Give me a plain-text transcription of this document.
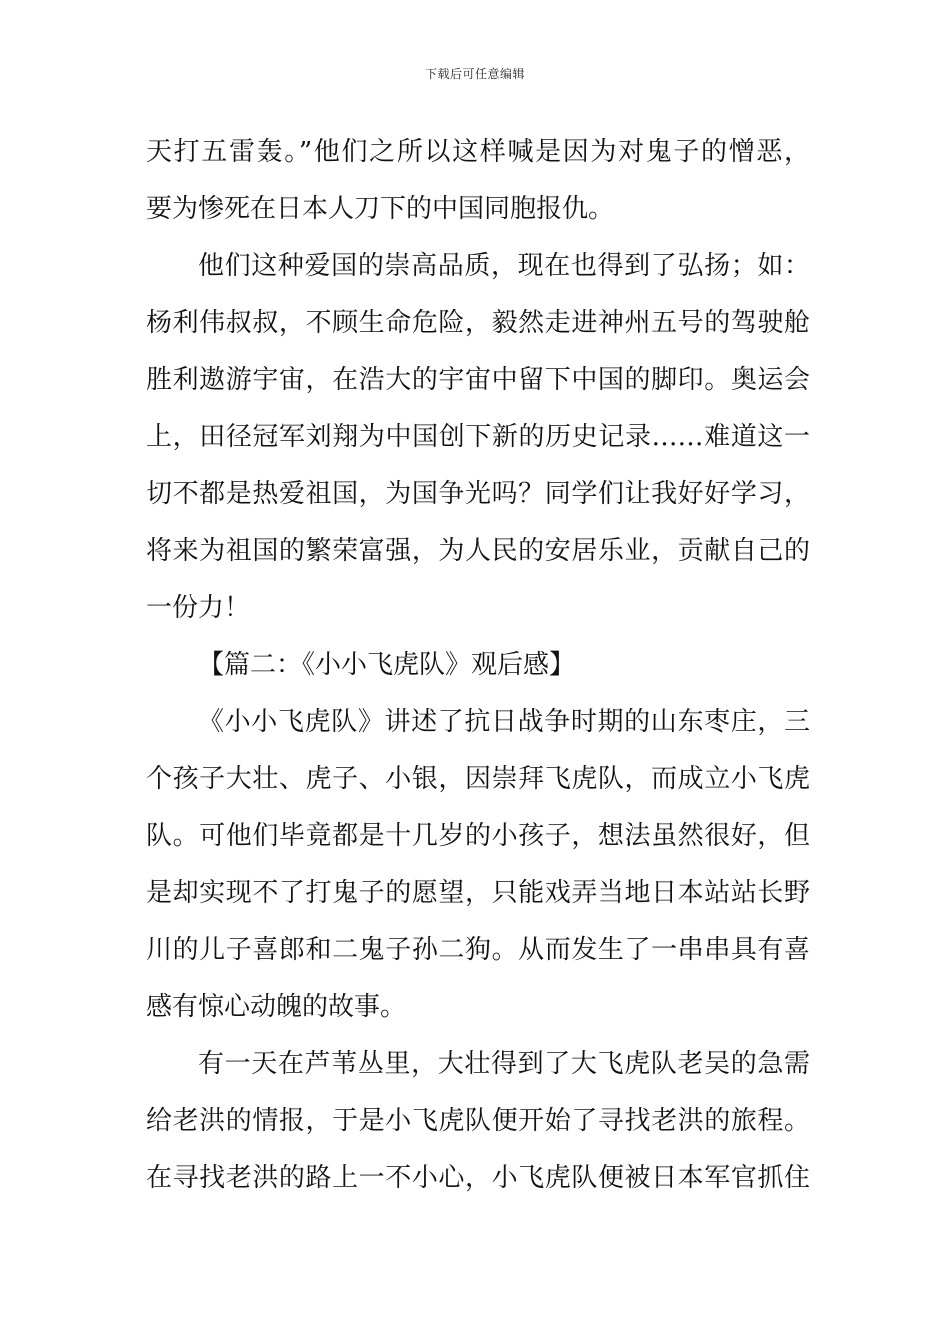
下载后可任意编辑
天打五雷轰。”他们之所以这样喊是因为对鬼子的憎恶，
要为惨死在日本人刀下的中国同胞报仇。
他们这种爱国的崇高品质，现在也得到了弘扬；如：
杨利伟叔叔，不顾生命危险，毅然走进神州五号的驾驶舱
胜利遨游宇宙，在浩大的宇宙中留下中国的脚印。奥运会
上，田径冠军刘翔为中国创下新的历史记录……难道这一
切不都是热爱祖国，为国争光吗？同学们让我好好学习，
将来为祖国的繁荣富强，为人民的安居乐业，贡献自己的
一份力！
【篇二：《小小飞虎队》观后感】
《小小飞虎队》讲述了抗日战争时期的山东枣庄，三
个孩子大壮、虎子、小银，因崇拜飞虎队，而成立小飞虎
队。可他们毕竟都是十几岁的小孩子，想法虽然很好，但
是却实现不了打鬼子的愿望，只能戏弄当地日本站站长野
川的儿子喜郎和二鬼子孙二狗。从而发生了一串串具有喜
感有惊心动魄的故事。
有一天在芦苇丛里，大壮得到了大飞虎队老吴的急需
给老洪的情报，于是小飞虎队便开始了寻找老洪的旅程。
在寻找老洪的路上一不小心，小飞虎队便被日本军官抓住
